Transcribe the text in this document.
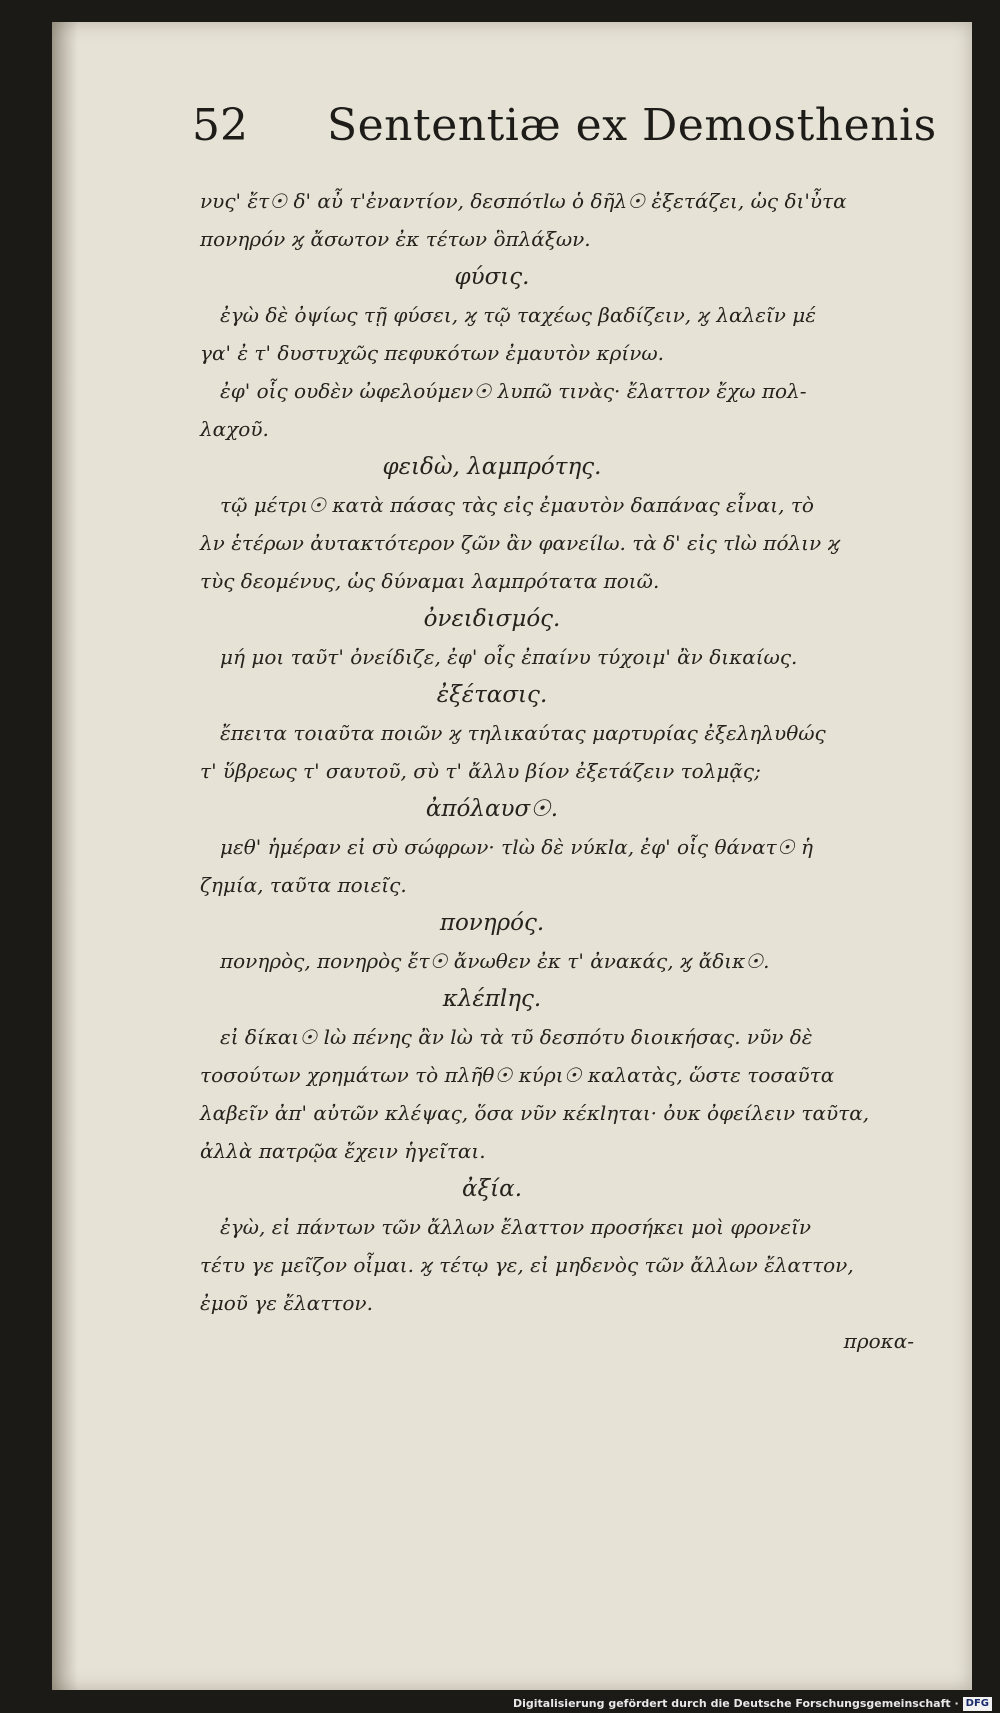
52 Sententiæ ex Demosthenis
νυς' ἔτ☉ δ' αὖ τ'ἐναντίον, δεσπότlω ὁ δῆλ☉ ἐξετάζει, ὡς δι'ὖτα
πονηρόν ϗ ἄσωτον ἐκ τέτων ὃπλάξων.
φύσις.
ἐγὼ δὲ ὀψίως τῇ φύσει, ϗ τῷ ταχέως βαδίζειν, ϗ λαλεῖν μέ
γα' ἐ τ' δυστυχῶς πεφυκότων ἐμαυτὸν κρίνω.
ἐφ' οἷς ουδὲν ὠφελούμεν☉ λυπῶ τινὰς· ἔλαττον ἔχω πολ-
λαχοῦ.
φειδὼ, λαμπρότης.
τῷ μέτρι☉ κατὰ πάσας τὰς εἰς ἐμαυτὸν δαπάνας εἶναι, τὸ
λν ἑτέρων ἀυτακτότερον ζῶν ἂν φανείlω. τὰ δ' εἰς τlὼ πόλιν ϗ
τὺς δεομένυς, ὡς δύναμαι λαμπρότατα ποιῶ.
ὀνειδισμός.
μή μοι ταῦτ' ὀνείδιζε, ἐφ' οἷς ἐπαίνυ τύχοιμ' ἂν δικαίως.
ἐξέτασις.
ἔπειτα τοιαῦτα ποιῶν ϗ τηλικαύτας μαρτυρίας ἐξεληλυθώς
τ' ὕβρεως τ' σαυτοῦ, σὺ τ' ἄλλυ βίον ἐξετάζειν τολμᾷς;
ἀπόλαυσ☉.
μεθ' ἡμέραν εἰ σὺ σώφρων· τlὼ δὲ νύκlα, ἐφ' οἷς θάνατ☉ ἡ
ζημία, ταῦτα ποιεῖς.
πονηρός.
πονηρὸς, πονηρὸς ἔτ☉ ἄνωθεν ἐκ τ' ἀνακάς, ϗ ἄδικ☉.
κλέπlης.
εἰ δίκαι☉ lὼ πένης ἂν lὼ τὰ τῦ δεσπότυ διοικήσας. νῦν δὲ
τοσούτων χρημάτων τὸ πλῆθ☉ κύρι☉ καλατὰς, ὥστε τοσαῦτα
λαβεῖν ἀπ' αὐτῶν κλέψας, ὅσα νῦν κέκlηται· ὀυκ ὀφείλειν ταῦτα,
ἀλλὰ πατρῷα ἔχειν ἡγεῖται.
ἀξία.
ἐγὼ, εἰ πάντων τῶν ἄλλων ἔλαττον προσήκει μοὶ φρονεῖν
τέτυ γε μεῖζον οἶμαι. ϗ τέτῳ γε, εἰ μηδενὸς τῶν ἄλλων ἔλαττον,
ἐμοῦ γε ἔλαττον.
προκα-
Digitalisierung gefördert durch die Deutsche Forschungsgemeinschaft · DFG
